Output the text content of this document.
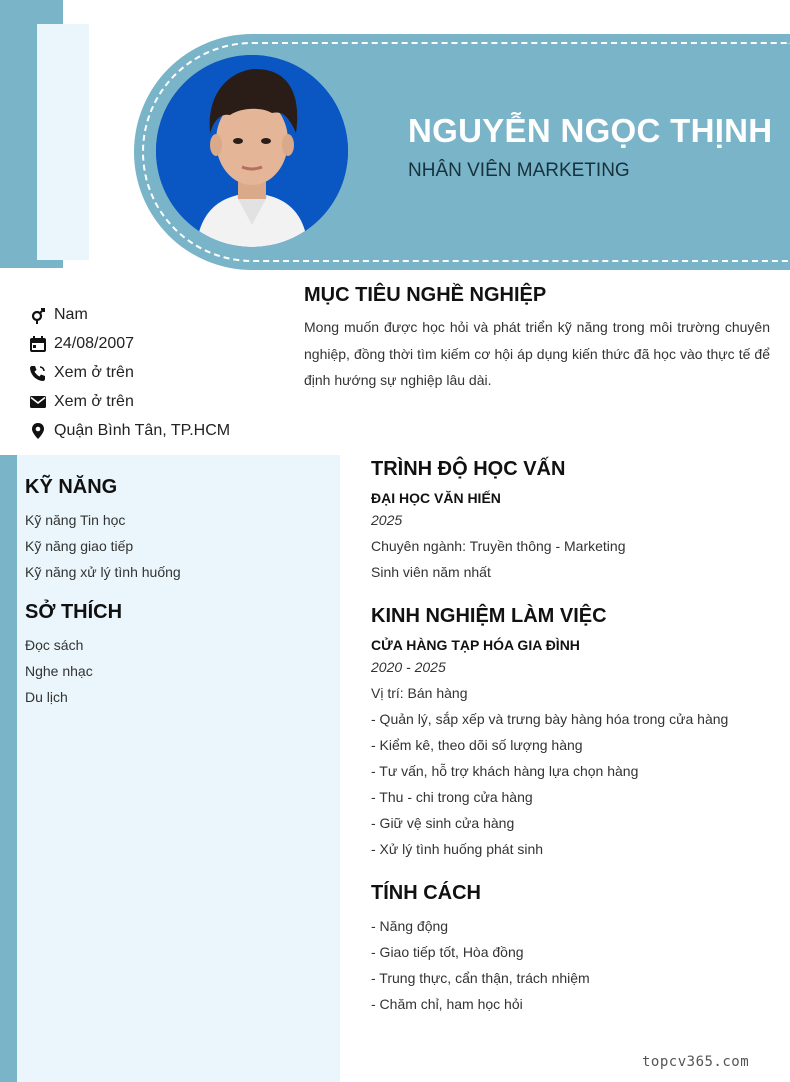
NGUYỄN NGỌC THỊNH
NHÂN VIÊN MARKETING
Nam
24/08/2007
Xem ở trên
Xem ở trên
Quận Bình Tân, TP.HCM
MỤC TIÊU NGHỀ NGHIỆP
Mong muốn được học hỏi và phát triển kỹ năng trong môi trường chuyên nghiệp, đồng thời tìm kiếm cơ hội áp dụng kiến thức đã học vào thực tế để định hướng sự nghiệp lâu dài.
KỸ NĂNG
Kỹ năng Tin học
Kỹ năng giao tiếp
Kỹ năng xử lý tình huống
SỞ THÍCH
Đọc sách
Nghe nhạc
Du lịch
TRÌNH ĐỘ HỌC VẤN
ĐẠI HỌC VĂN HIẾN
2025
Chuyên ngành: Truyền thông - Marketing
Sinh viên năm nhất
KINH NGHIỆM LÀM VIỆC
CỬA HÀNG TẠP HÓA GIA ĐÌNH
2020 - 2025
Vị trí: Bán hàng
- Quản lý, sắp xếp và trưng bày hàng hóa trong cửa hàng
- Kiểm kê, theo dõi số lượng hàng
- Tư vấn, hỗ trợ khách hàng lựa chọn hàng
- Thu - chi trong cửa hàng
- Giữ vệ sinh cửa hàng
- Xử lý tình huống phát sinh
TÍNH CÁCH
- Năng động
- Giao tiếp tốt, Hòa đồng
- Trung thực, cẩn thận, trách nhiệm
- Chăm chỉ, ham học hỏi
topcv365.com
